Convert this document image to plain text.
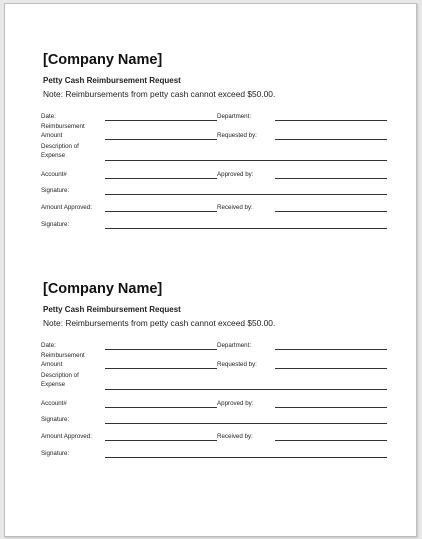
[Company Name]
Petty Cash Reimbursement Request
Note: Reimbursements from petty cash cannot exceed $50.00.
Date:	Department:
Reimbursement
Amount	Requested by:
Description of
Expense
Account#	Approved by:
Signature:
Amount Approved:	Received by:
Signature:
[Company Name]
Petty Cash Reimbursement Request
Note: Reimbursements from petty cash cannot exceed $50.00.
Date:	Department:
Reimbursement
Amount	Requested by:
Description of
Expense
Account#	Approved by:
Signature:
Amount Approved:	Received by:
Signature:
